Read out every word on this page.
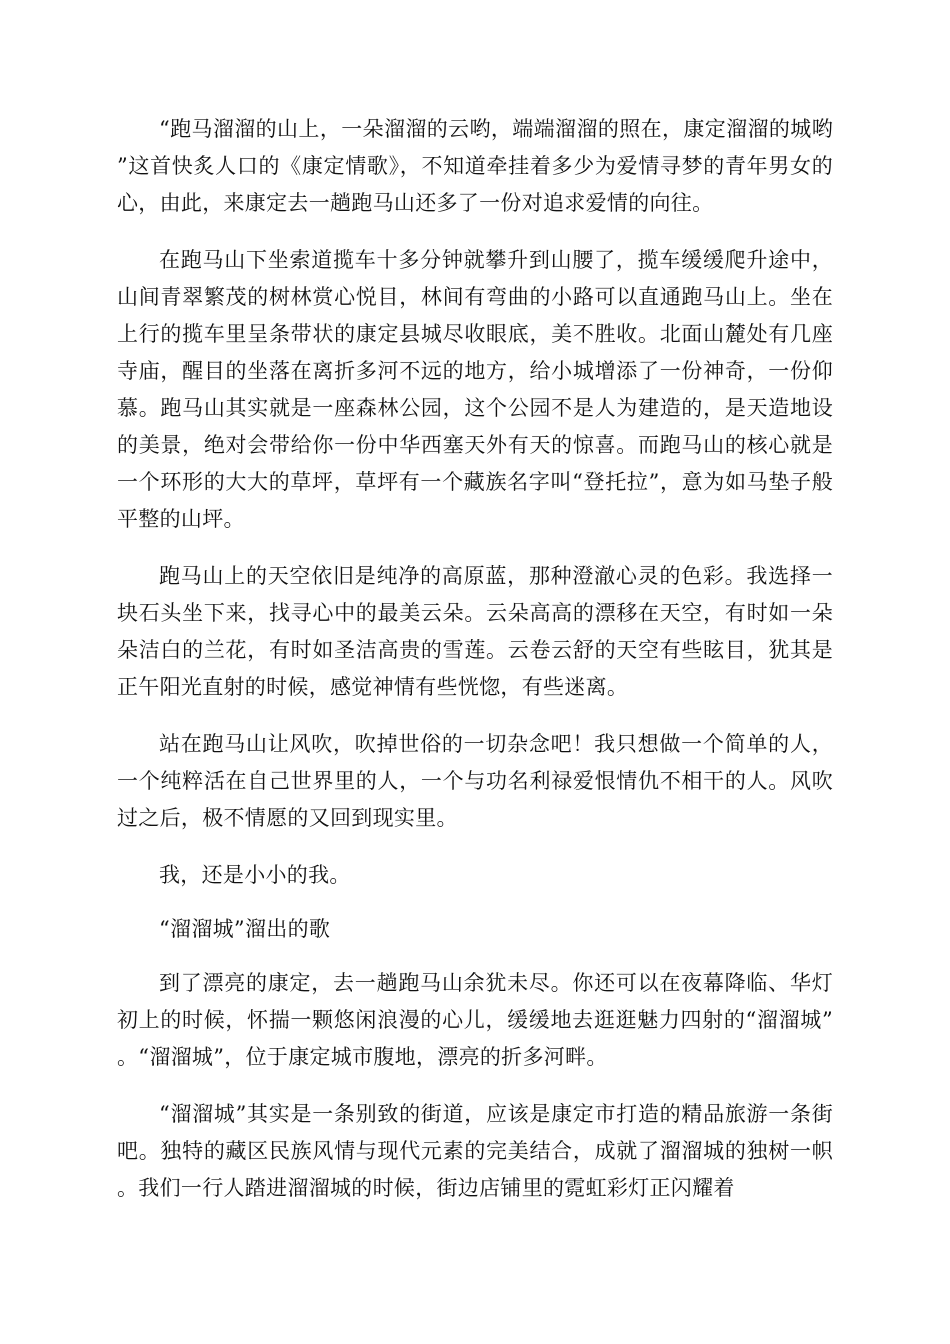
“跑马溜溜的山上，一朵溜溜的云哟，端端溜溜的照在，康定溜溜的城哟”这首快炙人口的《康定情歌》，不知道牵挂着多少为爱情寻梦的青年男女的心，由此，来康定去一趟跑马山还多了一份对追求爱情的向往。

在跑马山下坐索道揽车十多分钟就攀升到山腰了，揽车缓缓爬升途中，山间青翠繁茂的树林赏心悦目，林间有弯曲的小路可以直通跑马山上。坐在上行的揽车里呈条带状的康定县城尽收眼底，美不胜收。北面山麓处有几座寺庙，醒目的坐落在离折多河不远的地方，给小城增添了一份神奇，一份仰慕。跑马山其实就是一座森林公园，这个公园不是人为建造的，是天造地设的美景，绝对会带给你一份中华西塞天外有天的惊喜。而跑马山的核心就是一个环形的大大的草坪，草坪有一个藏族名字叫“登托拉”，意为如马垫子般平整的山坪。

跑马山上的天空依旧是纯净的高原蓝，那种澄澈心灵的色彩。我选择一块石头坐下来，找寻心中的最美云朵。云朵高高的漂移在天空，有时如一朵朵洁白的兰花，有时如圣洁高贵的雪莲。云卷云舒的天空有些眩目，犹其是正午阳光直射的时候，感觉神情有些恍惚，有些迷离。

站在跑马山让风吹，吹掉世俗的一切杂念吧！我只想做一个简单的人，一个纯粹活在自己世界里的人，一个与功名利禄爱恨情仇不相干的人。风吹过之后，极不情愿的又回到现实里。

我，还是小小的我。

“溜溜城”溜出的歌

到了漂亮的康定，去一趟跑马山余犹未尽。你还可以在夜幕降临、华灯初上的时候，怀揣一颗悠闲浪漫的心儿，缓缓地去逛逛魅力四射的“溜溜城”。“溜溜城”，位于康定城市腹地，漂亮的折多河畔。

“溜溜城”其实是一条别致的街道，应该是康定市打造的精品旅游一条街吧。独特的藏区民族风情与现代元素的完美结合，成就了溜溜城的独树一帜。我们一行人踏进溜溜城的时候，街边店铺里的霓虹彩灯正闪耀着
